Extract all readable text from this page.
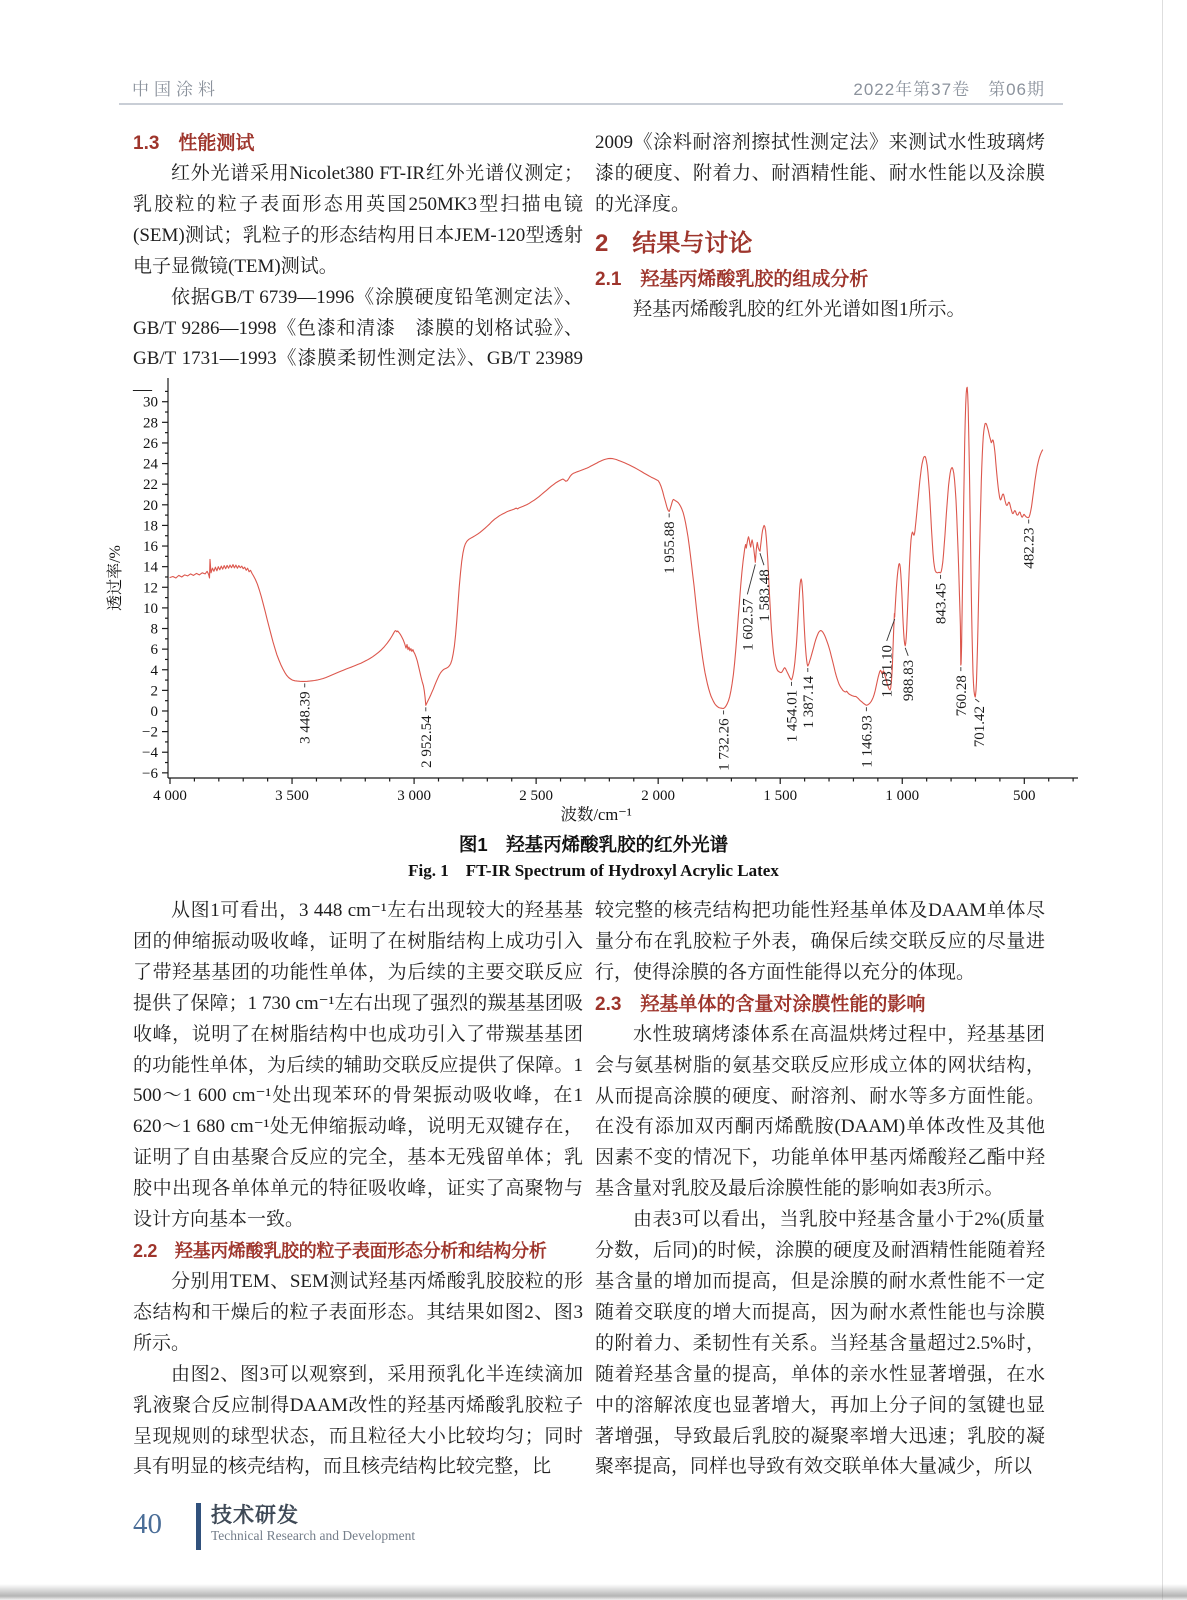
中国涂料	2022年第37卷　第06期
1.3　性能测试

红外光谱采用Nicolet380 FT-IR红外光谱仪测定；乳胶粒的粒子表面形态用英国250MK3型扫描电镜(SEM)测试；乳粒子的形态结构用日本JEM-120型透射电子显微镜(TEM)测试。

依据GB/T 6739—1996《涂膜硬度铅笔测定法》、GB/T 9286—1998《色漆和清漆　漆膜的划格试验》、GB/T 1731—1993《漆膜柔韧性测定法》、GB/T 23989—

2009《涂料耐溶剂擦拭性测定法》来测试水性玻璃烤漆的硬度、附着力、耐酒精性能、耐水性能以及涂膜的光泽度。

2　结果与讨论
2.1　羟基丙烯酸乳胶的组成分析

羟基丙烯酸乳胶的红外光谱如图1所示。

30
28
26
24
22
20
18
16
14
12
10
8
6
4
2
0
−2
−4
−6
4 000	3 500	3 000	2 500	2 000	1 500	1 000	500
透过率/%
波数/cm⁻¹
3 448.39	2 952.54
1 955.88
1 732.26
1 602.57
1 583.48
1 454.01 1 387.14
1 146.93
1 031.10 988.83
843.45
760.28
701.42
482.23
图1　羟基丙烯酸乳胶的红外光谱
Fig. 1　FT-IR Spectrum of Hydroxyl Acrylic Latex

从图1可看出，3 448 cm⁻¹左右出现较大的羟基基团的伸缩振动吸收峰，证明了在树脂结构上成功引入了带羟基基团的功能性单体，为后续的主要交联反应提供了保障；1 730 cm⁻¹左右出现了强烈的羰基基团吸收峰，说明了在树脂结构中也成功引入了带羰基基团的功能性单体，为后续的辅助交联反应提供了保障。1 500～1 600 cm⁻¹处出现苯环的骨架振动吸收峰，在1 620～1 680 cm⁻¹处无伸缩振动峰，说明无双键存在，证明了自由基聚合反应的完全，基本无残留单体；乳胶中出现各单体单元的特征吸收峰，证实了高聚物与设计方向基本一致。

2.2　羟基丙烯酸乳胶的粒子表面形态分析和结构分析

分别用TEM、SEM测试羟基丙烯酸乳胶胶粒的形态结构和干燥后的粒子表面形态。其结果如图2、图3所示。

由图2、图3可以观察到，采用预乳化半连续滴加乳液聚合反应制得DAAM改性的羟基丙烯酸乳胶粒子呈现规则的球型状态，而且粒径大小比较均匀；同时具有明显的核壳结构，而且核壳结构比较完整，比

较完整的核壳结构把功能性羟基单体及DAAM单体尽量分布在乳胶粒子外表，确保后续交联反应的尽量进行，使得涂膜的各方面性能得以充分的体现。

2.3　羟基单体的含量对涂膜性能的影响

水性玻璃烤漆体系在高温烘烤过程中，羟基基团会与氨基树脂的氨基交联反应形成立体的网状结构，从而提高涂膜的硬度、耐溶剂、耐水等多方面性能。在没有添加双丙酮丙烯酰胺(DAAM)单体改性及其他因素不变的情况下，功能单体甲基丙烯酸羟乙酯中羟基含量对乳胶及最后涂膜性能的影响如表3所示。

由表3可以看出，当乳胶中羟基含量小于2%(质量分数，后同)的时候，涂膜的硬度及耐酒精性能随着羟基含量的增加而提高，但是涂膜的耐水煮性能不一定随着交联度的增大而提高，因为耐水煮性能也与涂膜的附着力、柔韧性有关系。当羟基含量超过2.5%时，随着羟基含量的提高，单体的亲水性显著增强，在水中的溶解浓度也显著增大，再加上分子间的氢键也显著增强，导致最后乳胶的凝聚率增大迅速；乳胶的凝聚率提高，同样也导致有效交联单体大量减少，所以

40 技术研发
Technical Research and Development
